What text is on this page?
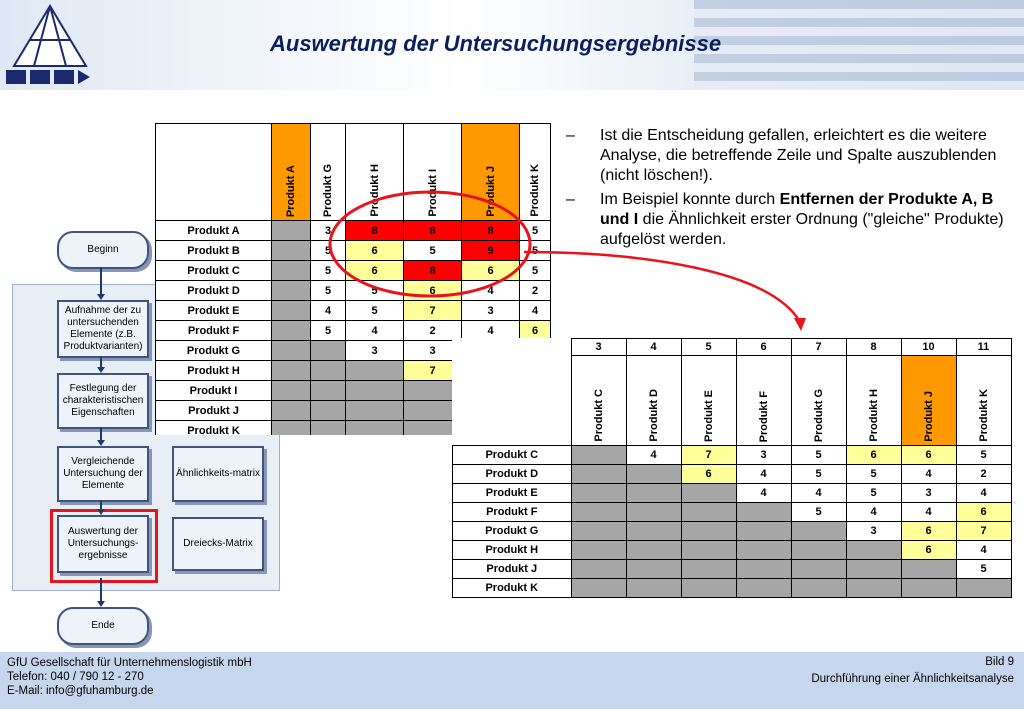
Auswertung der Untersuchungsergebnisse
Beginn
Aufnahme der zu untersuchenden Elemente (z.B. Produktvarianten)
Festlegung der charakteristischen Eigenschaften
Vergleichende Untersuchung der Elemente
Auswertung der Untersuchungs-ergebnisse
Ähnlichkeits-matrix
Dreiecks-Matrix
Ende
	Produkt A	Produkt G	Produkt H	Produkt I	Produkt J	Produkt K
Produkt A		3	8	8	8	5
Produkt B		5	6	5	9	5
Produkt C		5	6	8	6	5
Produkt D		5	5	6	4	2
Produkt E		4	5	7	3	4
Produkt F		5	4	2	4	6
Produkt G			3	3		
Produkt H				7		
Produkt I						
Produkt J						
Produkt K						
	3	4	5	6	7	8	10	11
	Produkt C	Produkt D	Produkt E	Produkt F	Produkt G	Produkt H	Produkt J	Produkt K
Produkt C		4	7	3	5	6	6	5
Produkt D			6	4	5	5	4	2
Produkt E				4	4	5	3	4
Produkt F					5	4	4	6
Produkt G						3	6	7
Produkt H							6	4
Produkt J								5
Produkt K								
– Ist die Entscheidung gefallen, erleichtert es die weitere Analyse, die betreffende Zeile und Spalte auszublenden (nicht löschen!).
– Im Beispiel konnte durch Entfernen der Produkte A, B und I die Ähnlichkeit erster Ordnung ("gleiche" Produkte) aufgelöst werden.
GfU Gesellschaft für Unternehmenslogistik mbH
Telefon: 040 / 790 12 - 270
E-Mail: info@gfuhamburg.de
Bild 9
Durchführung einer Ähnlichkeitsanalyse
